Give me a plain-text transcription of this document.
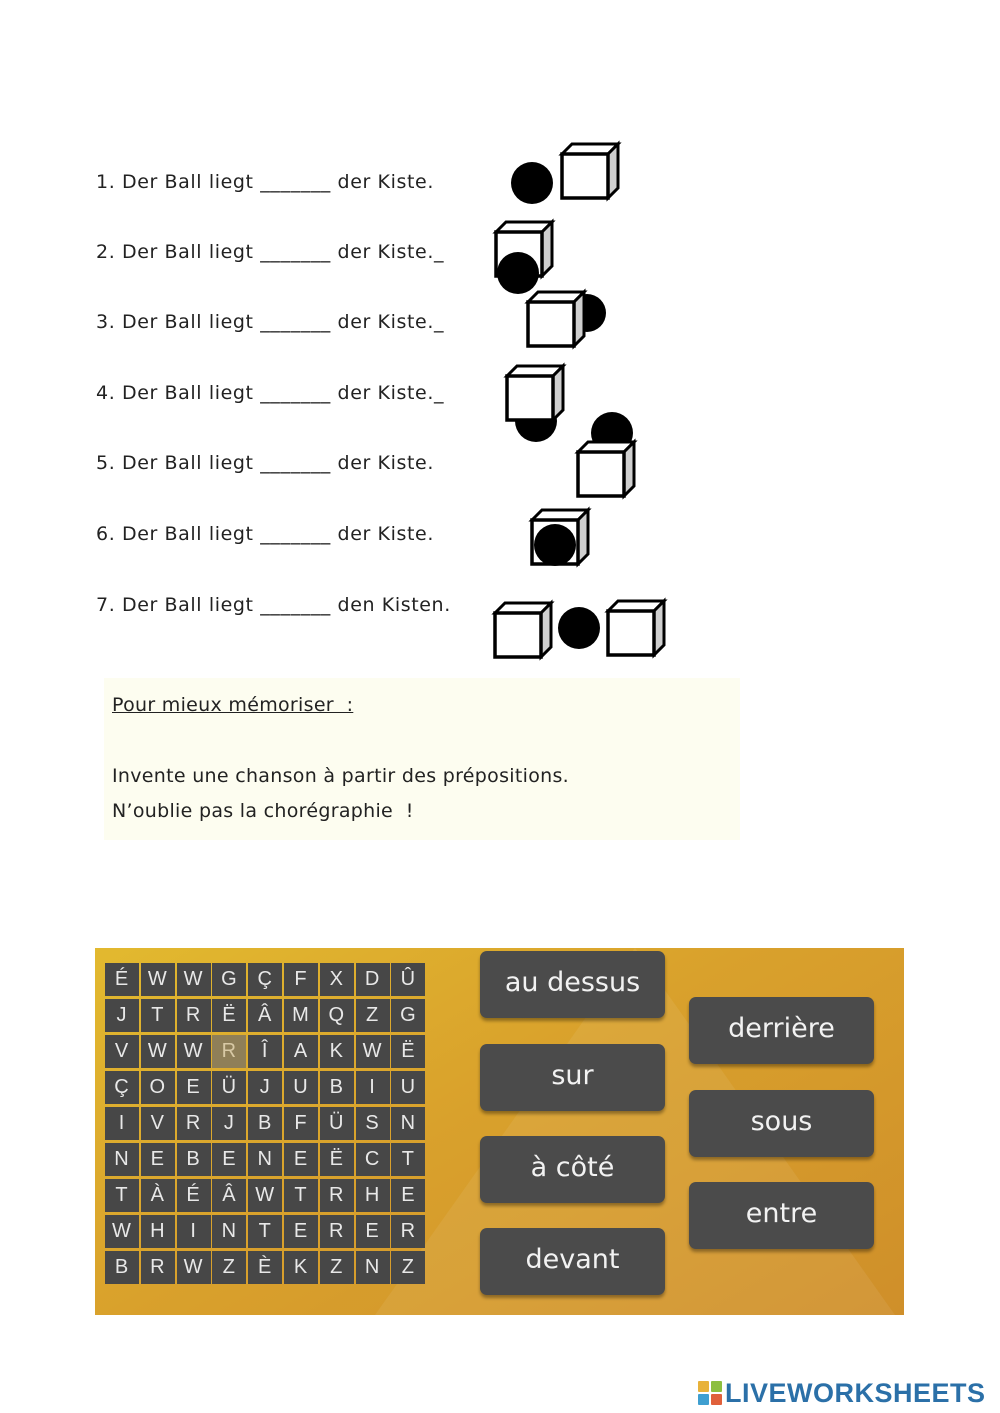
1. Der Ball liegt _______ der Kiste.
2. Der Ball liegt _______ der Kiste._
3. Der Ball liegt _______ der Kiste._
4. Der Ball liegt _______ der Kiste._
5. Der Ball liegt _______ der Kiste.
6. Der Ball liegt _______ der Kiste.
7. Der Ball liegt _______ den Kisten.
Pour mieux mémoriser  :
Invente une chanson à partir des prépositions.
N’oublie pas la chorégraphie  !
É W W G Ç	F	X	D	Û
J	T	R	Ë	Â M Q	Z	G
V W W R	Î	A	K W Ë
Ç O	E	Ü	J	U	B	I	U
I	V	R	J	B	F	Ü	S	N
N	E	B	E	N	E	Ë	C	T
T	À	É	Â W T	R	H	E
W H	I	N	T	E	R	E	R
B	R W Z	È	K	Z	N	Z
au dessus
sur
à côté
devant
derrière
sous
entre
LIVEWORKSHEETS
